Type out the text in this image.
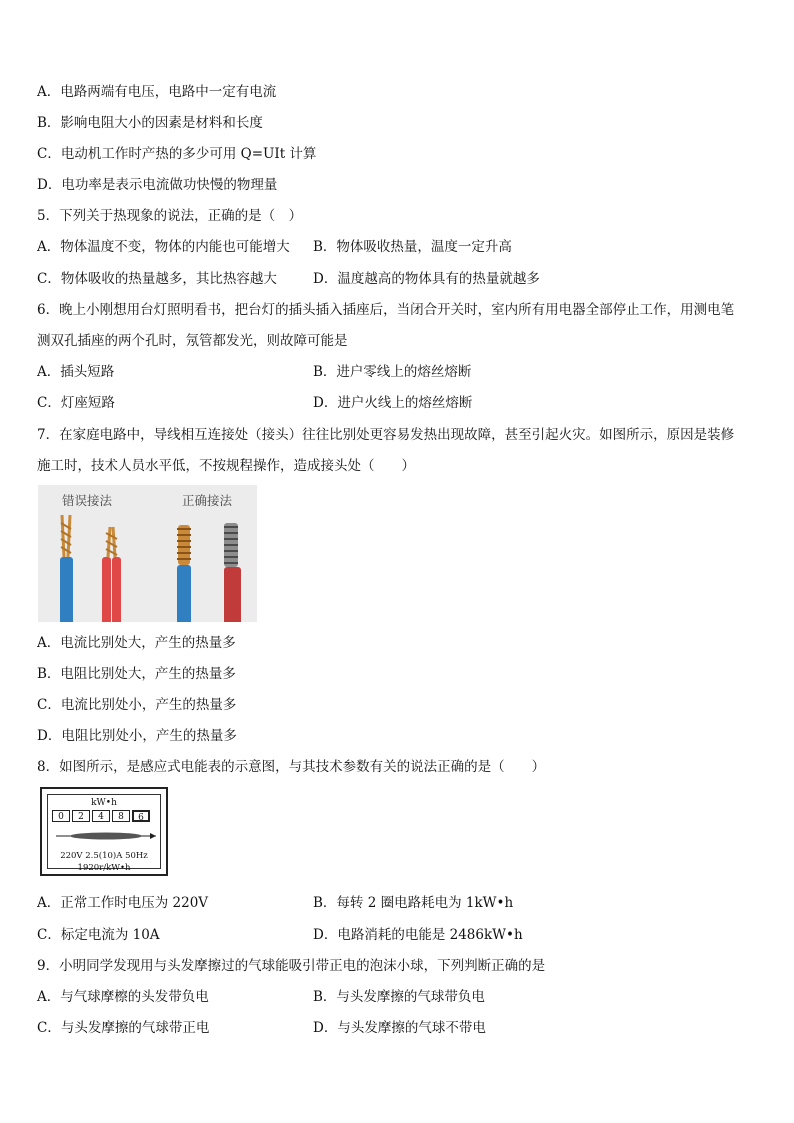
A．电路两端有电压，电路中一定有电流
B．影响电阻大小的因素是材料和长度
C．电动机工作时产热的多少可用 Q=UIt 计算
D．电功率是表示电流做功快慢的物理量
5．下列关于热现象的说法，正确的是（　）
A．物体温度不变，物体的内能也可能增大 B．物体吸收热量，温度一定升高
C．物体吸收的热量越多，其比热容越大	D．温度越高的物体具有的热量就越多
6．晚上小刚想用台灯照明看书，把台灯的插头插入插座后，当闭合开关时，室内所有用电器全部停止工作，用测电笔
测双孔插座的两个孔时，氖管都发光，则故障可能是
A．插头短路	B．进户零线上的熔丝熔断
C．灯座短路	D．进户火线上的熔丝熔断
7．在家庭电路中，导线相互连接处（接头）往往比别处更容易发热出现故障，甚至引起火灾。如图所示，原因是装修
施工时，技术人员水平低，不按规程操作，造成接头处（　　）
错误接法	正确接法
A．电流比别处大，产生的热量多
B．电阻比别处大，产生的热量多
C．电流比别处小，产生的热量多
D．电阻比别处小，产生的热量多
8．如图所示，是感应式电能表的示意图，与其技术参数有关的说法正确的是（　　）
kW•h
0	2	4	8	6
220V 2.5(10)A 50Hz
1920r/kW•h
A．正常工作时电压为 220V	B．每转 2 圈电路耗电为 1kW•h
C．标定电流为 10A	D．电路消耗的电能是 2486kW•h
9．小明同学发现用与头发摩擦过的气球能吸引带正电的泡沫小球，下列判断正确的是
A．与气球摩檫的头发带负电	B．与头发摩擦的气球带负电
C．与头发摩擦的气球带正电	D．与头发摩擦的气球不带电
